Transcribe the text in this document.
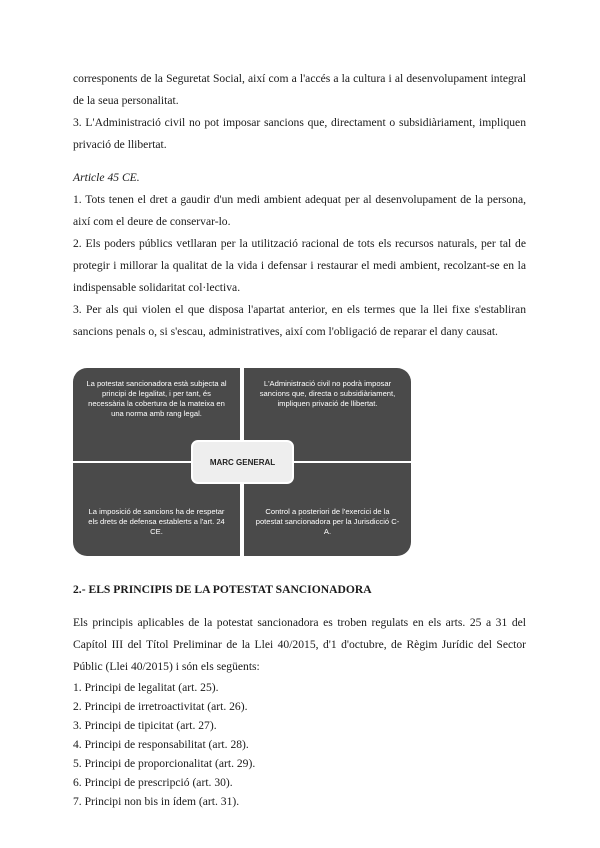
corresponents de la Seguretat Social, així com a l'accés a la cultura i al desenvolupament integral de la seua personalitat.

3. L'Administració civil no pot imposar sancions que, directament o subsidiàriament, impliquen privació de llibertat.

Article 45 CE.

1. Tots tenen el dret a gaudir d'un medi ambient adequat per al desenvolupament de la persona, així com el deure de conservar-lo.

2. Els poders públics vetllaran per la utilització racional de tots els recursos naturals, per tal de protegir i millorar la qualitat de la vida i defensar i restaurar el medi ambient, recolzant-se en la indispensable solidaritat col·lectiva.

3. Per als qui violen el que disposa l'apartat anterior, en els termes que la llei fixe s'establiran sancions penals o, si s'escau, administratives, així com l'obligació de reparar el dany causat.

La potestat sancionadora està subjecta al principi de legalitat, i per tant, és necessària la cobertura de la mateixa en una norma amb rang legal.
L'Administració civil no podrà imposar sancions que, directa o subsidiàriament, impliquen privació de llibertat.
La imposició de sancions ha de respetar els drets de defensa establerts a l'art. 24 CE.
Control a posteriori de l'exercici de la potestat sancionadora per la Jurisdicció C-A.
MARC GENERAL

2.- ELS PRINCIPIS DE LA POTESTAT SANCIONADORA

Els principis aplicables de la potestat sancionadora es troben regulats en els arts. 25 a 31 del Capítol III del Títol Preliminar de la Llei 40/2015, d'1 d'octubre, de Règim Jurídic del Sector Públic (Llei 40/2015) i són els següents:

1. Principi de legalitat (art. 25).

2. Principi de irretroactivitat (art. 26).

3. Principi de tipicitat (art. 27).

4. Principi de responsabilitat (art. 28).

5. Principi de proporcionalitat (art. 29).

6. Principi de prescripció (art. 30).

7. Principi non bis in ídem (art. 31).
